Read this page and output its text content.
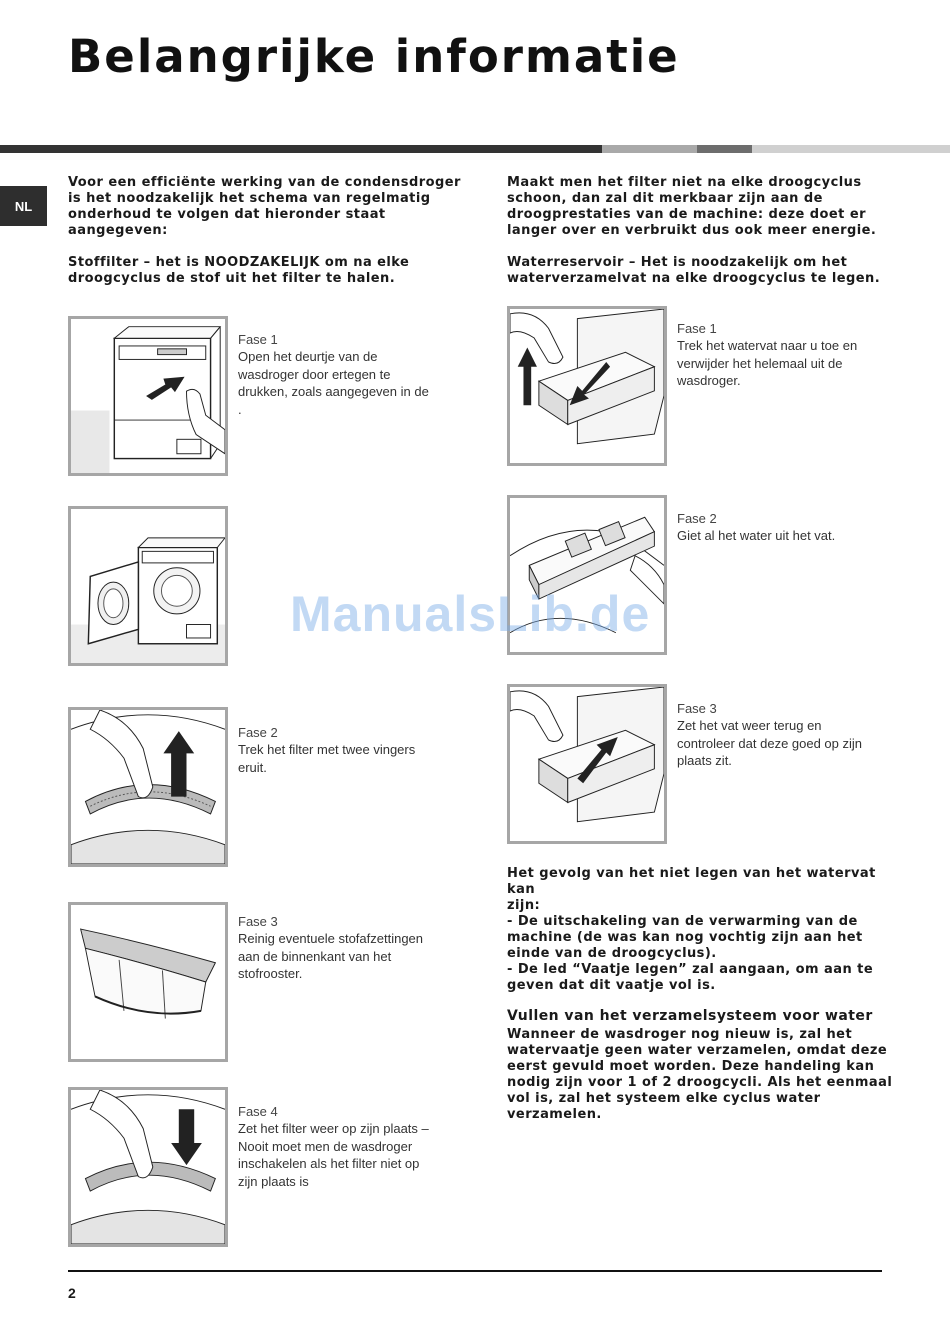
Belangrijke informatie
NL
Voor een efficiënte werking van de condensdroger
is het noodzakelijk het schema van regelmatig
onderhoud te volgen dat hieronder staat
aangegeven:
Stoffilter – het is NOODZAKELIJK om na elke
droogcyclus de stof uit het filter te halen.

Fase 1
Open het deurtje van de
wasdroger door ertegen te
drukken, zoals aangegeven in de
.

Fase 2
Trek het filter met twee vingers
eruit.

Fase 3
Reinig eventuele stofafzettingen
aan de binnenkant van het
stofrooster.

Fase 4
Zet het filter weer op zijn plaats –
Nooit moet men de wasdroger
inschakelen als het filter niet op
zijn plaats is

Maakt men het filter niet na elke droogcyclus
schoon, dan zal dit merkbaar zijn aan de
droogprestaties van de machine: deze doet er
langer over en verbruikt dus ook meer energie.
Waterreservoir – Het is noodzakelijk om het
waterverzamelvat na elke droogcyclus te legen.

Fase 1
Trek het watervat naar u toe en
verwijder het helemaal uit de
wasdroger.

Fase 2
Giet al het water uit het vat.

Fase 3
Zet het vat weer terug en
controleer dat deze goed op zijn
plaats zit.

Het gevolg van het niet legen van het watervat kan
zijn:
- De uitschakeling van de verwarming van de
machine (de was kan nog vochtig zijn aan het
einde van de droogcyclus).
- De led “Vaatje legen” zal aangaan, om aan te
geven dat dit vaatje vol is.
Vullen van het verzamelsysteem voor water
Wanneer de wasdroger nog nieuw is, zal het
watervaatje geen water verzamelen, omdat deze
eerst gevuld moet worden. Deze handeling kan
nodig zijn voor 1 of 2 droogcycli. Als het eenmaal
vol is, zal het systeem elke cyclus water
verzamelen.
ManualsLib.de
2
